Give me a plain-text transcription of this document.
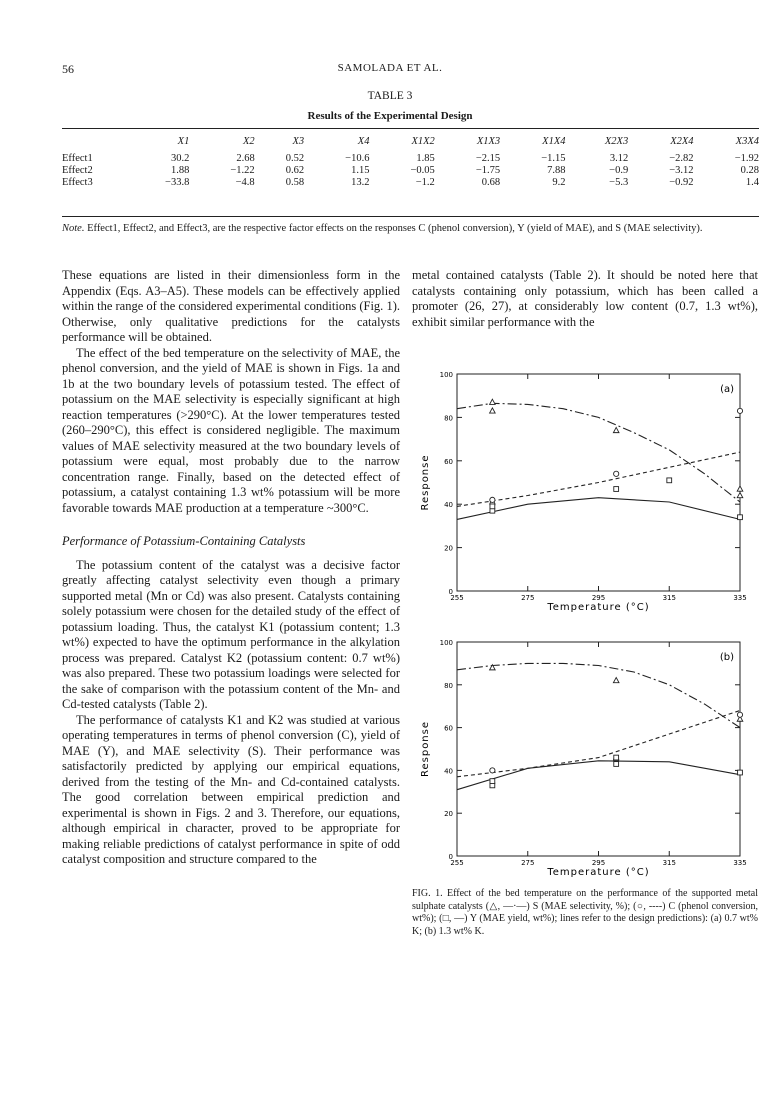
56	SAMOLADA ET AL.
TABLE 3
Results of the Experimental Design
	X1	X2	X3	X4	X1X2	X1X3	X1X4	X2X3	X2X4	X3X4
Effect1	30.2	2.68	0.52	−10.6	1.85	−2.15	−1.15	3.12	−2.82	−1.92
Effect2	1.88	−1.22	0.62	1.15	−0.05	−1.75	7.88	−0.9	−3.12	0.28
Effect3	−33.8	−4.8	0.58	13.2	−1.2	0.68	9.2	−5.3	−0.92	1.4
Note. Effect1, Effect2, and Effect3, are the respective factor effects on the responses C (phenol conversion), Y (yield of MAE), and S (MAE selectivity).

These equations are listed in their dimensionless form in the Appendix (Eqs. A3–A5). These models can be effectively applied within the range of the considered experimental conditions (Fig. 1). Otherwise, only qualitative predictions for the catalysts performance will be obtained.

The effect of the bed temperature on the selectivity of MAE, the phenol conversion, and the yield of MAE is shown in Figs. 1a and 1b at the two boundary levels of potassium tested. The effect of potassium on the MAE selectivity is especially significant at high reaction temperatures (>290°C). At the lower temperatures tested (260–290°C), this effect is considered negligible. The maximum values of MAE selectivity measured at the two boundary levels of potassium were equal, most probably due to the narrow concentration range. Finally, based on the detected effect of potassium, a catalyst containing 1.3 wt% potassium will be more favorable towards MAE production at a temperature ~300°C.

Performance of Potassium-Containing Catalysts

The potassium content of the catalyst was a decisive factor greatly affecting catalyst selectivity even though a primary supported metal (Mn or Cd) was also present. Catalysts containing solely potassium were chosen for the detailed study of the effect of potassium loading. Thus, the catalyst K1 (potassium content; 1.3 wt%) expected to have the optimum performance in the alkylation process was prepared. Catalyst K2 (potassium content: 0.7 wt%) was also prepared. These two potassium loadings were selected for the sake of comparison with the potassium content of the Mn- and Cd-tested catalysts (Table 2).

The performance of catalysts K1 and K2 was studied at various operating temperatures in terms of phenol conversion (C), yield of MAE (Y), and MAE selectivity (S). Their performance was satisfactorily predicted by applying our empirical equations, derived from the testing of the Mn- and Cd-contained catalysts. The good correlation between empirical prediction and experimental is shown in Figs. 2 and 3. Therefore, our equations, although empirical in character, proved to be appropriate for making reliable predictions of catalyst performance in spite of odd catalyst composition and structure compared to the

metal contained catalysts (Table 2). It should be noted here that catalysts containing only potassium, which has been called a promoter (26, 27), at considerably low content (0.7, 1.3 wt%), exhibit similar performance with the

0
20
40
60
80
100
255	275	295	315	335
Temperature (°C)
Response
(a)
0
20
40
60
80
100
255	275	295	315	335
Temperature (°C)
Response
(b)
FIG. 1. Effect of the bed temperature on the performance of the supported metal sulphate catalysts (△, —·—) S (MAE selectivity, %); (○, ----) C (phenol conversion, wt%); (□, —) Y (MAE yield, wt%); lines refer to the design predictions): (a) 0.7 wt% K; (b) 1.3 wt% K.
